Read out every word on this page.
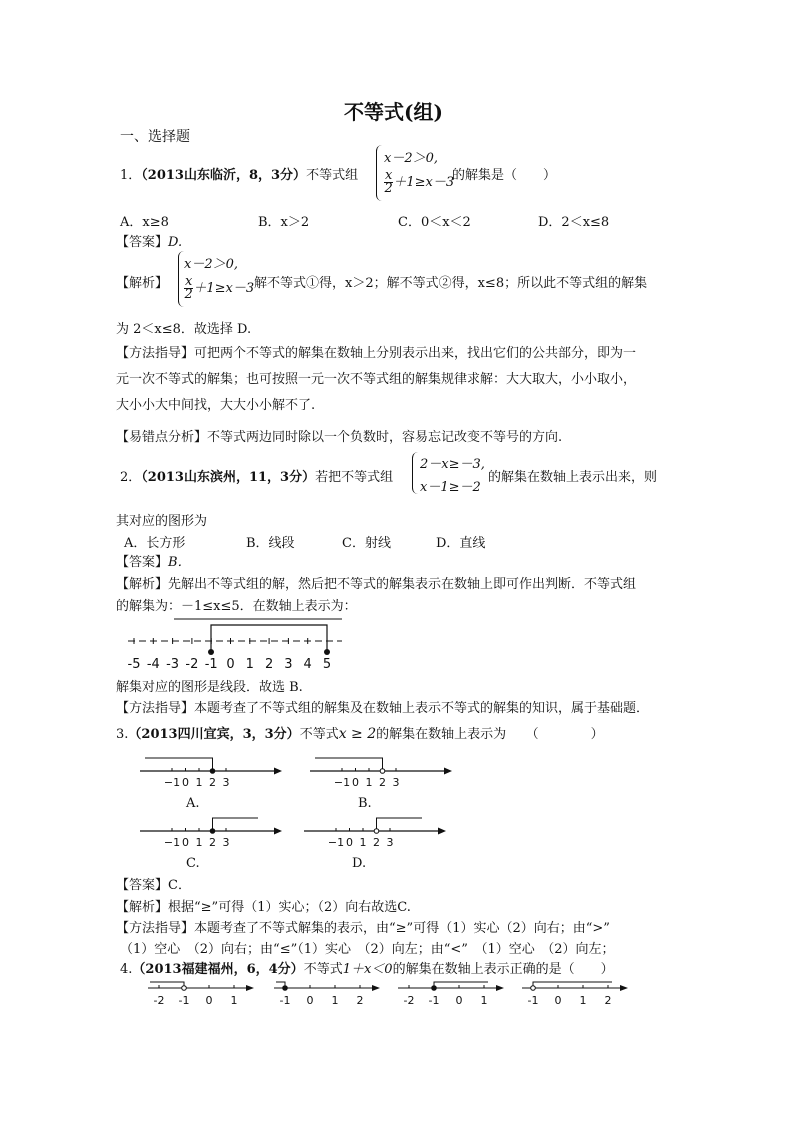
不等式(组)
一、选择题
1．（2013山东临沂，8，3分）不等式组
x－2＞0,
$\frac{x}{2} +1\ge x-3$
的解集是（　　）
A．x≥8	B．x＞2	C．0＜x＜2	D．2＜x≤8
【答案】D.
【解析】
x－2＞0,
$\frac{x}{2} +1\ge x-3$ 解不等式①得，x＞2；解不等式②得，x≤8；所以此不等式组的解集
为 2＜x≤8．故选择 D.
【方法指导】可把两个不等式的解集在数轴上分别表示出来，找出它们的公共部分，即为一
元一次不等式的解集；也可按照一元一次不等式组的解集规律求解：大大取大，小小取小，
大小小大中间找，大大小小解不了.
【易错点分析】不等式两边同时除以一个负数时，容易忘记改变不等号的方向.
2．（2013山东滨州，11，3分）若把不等式组
2－x≥－3,
x－1≥－2
的解集在数轴上表示出来，则
其对应的图形为
A．长方形	B．线段	C．射线	D．直线
【答案】B．
【解析】先解出不等式组的解，然后把不等式的解集表示在数轴上即可作出判断．不等式组
的解集为：－1≤x≤5．在数轴上表示为：
-5 -4 -3 -2 -1 0 1 2 3 4 5
解集对应的图形是线段．故选 B.
【方法指导】本题考查了不等式组的解集及在数轴上表示不等式的解集的知识，属于基础题．
3.（2013四川宜宾，3，3分）不等式x ≥ 2的解集在数轴上表示为　　（　　　　）
−1 0 1 2 3	−1 0 1 2 3
−1 0 1 2 3	−1 0 1 2 3
A.	B.
C.	D.
【答案】C．
【解析】根据“≥”可得（1）实心；（2）向右故选C.
【方法指导】本题考查了不等式解集的表示，由“≥”可得（1）实心（2）向右；由“>”
（1）空心　（2）向右；由“≤”（1）实心　（2）向左；由“<”　（1）空心　（2）向左；
4.（2013福建福州，6，4分）不等式1＋x＜0的解集在数轴上表示正确的是（　　）
-2 -1 0 1	-1 0 1 2	-2 -1 0 1	-1 0 1 2
